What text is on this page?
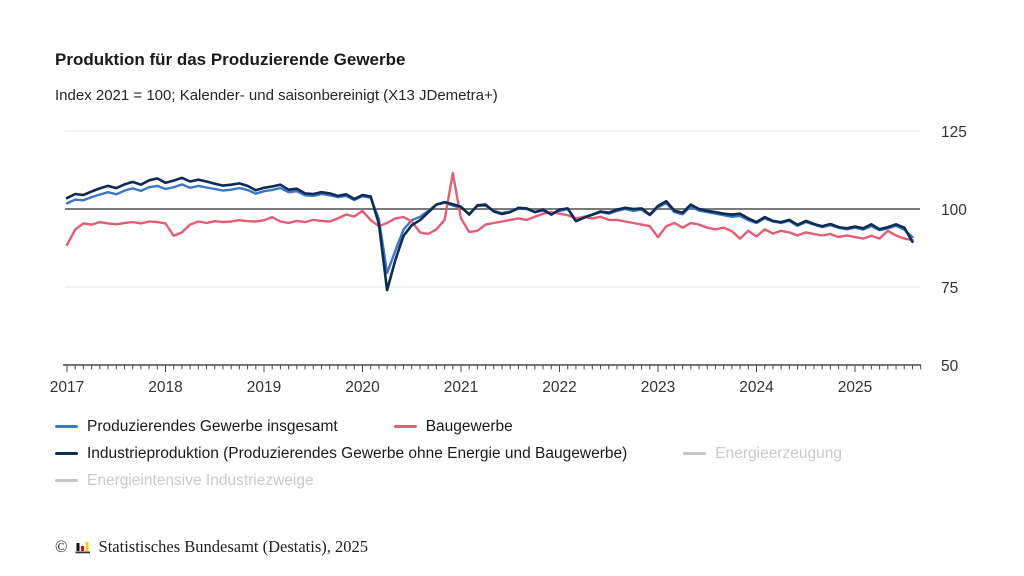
Produktion für das Produzierende Gewerbe
Index 2021 = 100; Kalender- und saisonbereinigt (X13 JDemetra+)
2017	2018	2019	2020	2021	2022	2023	2024	2025
50
75
100
125
Produzierendes Gewerbe insgesamt	Baugewerbe
Industrieproduktion (Produzierendes Gewerbe ohne Energie und Baugewerbe)	Energieerzeugung
Energieintensive Industriezweige
© Statistisches Bundesamt (Destatis), 2025
